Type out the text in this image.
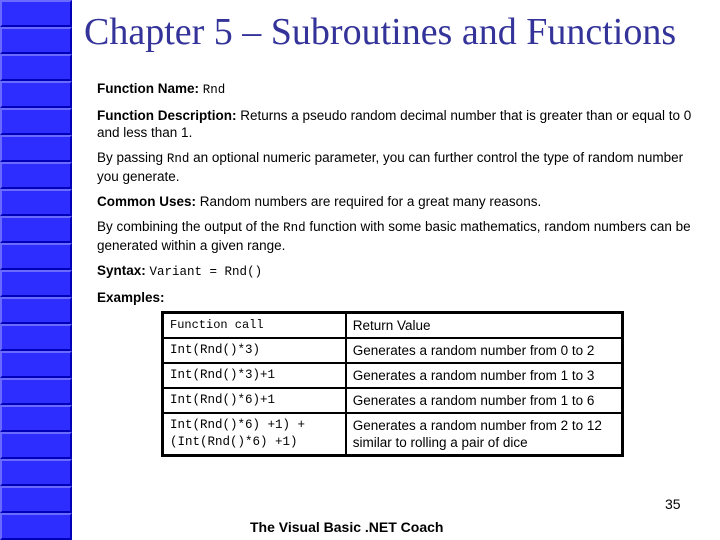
Chapter 5 – Subroutines and Functions

Function Name: Rnd

Function Description: Returns a pseudo random decimal number that is greater than or equal to 0 and less than 1.

By passing Rnd an optional numeric parameter, you can further control the type of random number you generate.

Common Uses: Random numbers are required for a great many reasons.

By combining the output of the Rnd function with some basic mathematics, random numbers can be generated within a given range.

Syntax: Variant = Rnd()

Examples:

Function call	Return Value
Int(Rnd()*3)	Generates a random number from 0 to 2
Int(Rnd()*3)+1	Generates a random number from 1 to 3
Int(Rnd()*6)+1	Generates a random number from 1 to 6
Int(Rnd()*6) +1) + (Int(Rnd()*6) +1)	Generates a random number from 2 to 12 similar to rolling a pair of dice
35
The Visual Basic .NET Coach
